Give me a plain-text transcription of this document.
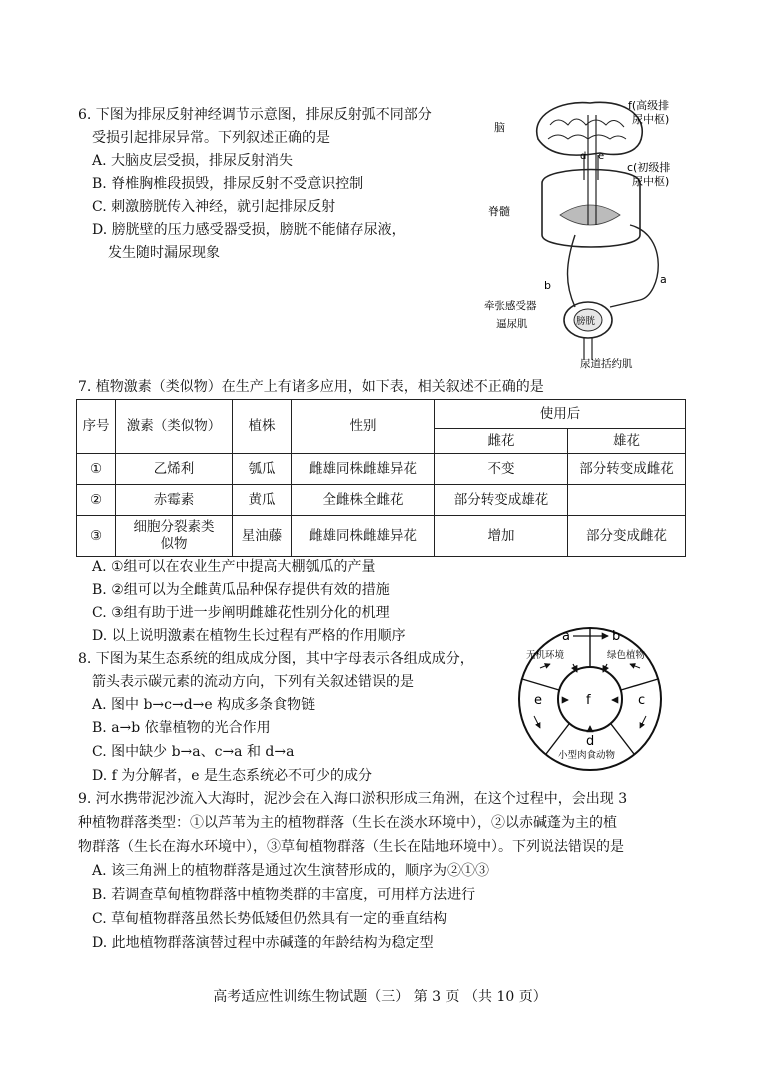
6. 下图为排尿反射神经调节示意图，排尿反射弧不同部分
受损引起排尿异常。下列叙述正确的是
A. 大脑皮层受损，排尿反射消失
B. 脊椎胸椎段损毁，排尿反射不受意识控制
C. 刺激膀胱传入神经，就引起排尿反射
D. 膀胱壁的压力感受器受损，膀胱不能储存尿液，
发生随时漏尿现象
脑
f(高级排
尿中枢)
c(初级排
尿中枢)
脊髓
d e
a
b
牵张感受器
逼尿肌	膀胱
尿道括约肌
7. 植物激素（类似物）在生产上有诸多应用，如下表，相关叙述不正确的是
序号	激素（类似物）	植株	性别	使用后	
				雌花	雄花
①	乙烯利	瓠瓜	雌雄同株雌雄异花	不变	部分转变成雌花
②	赤霉素	黄瓜	全雌株全雌花	部分转变成雄花	
③	细胞分裂素类
似物	星油藤	雌雄同株雌雄异花	增加	部分变成雌花
A. ①组可以在农业生产中提高大棚瓠瓜的产量
B. ②组可以为全雌黄瓜品种保存提供有效的措施
C. ③组有助于进一步阐明雌雄花性别分化的机理
D. 以上说明激素在植物生长过程有严格的作用顺序
8. 下图为某生态系统的组成成分图，其中字母表示各组成成分，
箭头表示碳元素的流动方向，下列有关叙述错误的是
A. 图中 b→c→d→e 构成多条食物链
B. a→b 依靠植物的光合作用
C. 图中缺少 b→a、c→a 和 d→a
D. f 为分解者，e 是生态系统必不可少的成分
a	b
无机环境	绿色植物
e	f	c
d
小型肉食动物
9. 河水携带泥沙流入大海时，泥沙会在入海口淤积形成三角洲，在这个过程中，会出现 3
种植物群落类型：①以芦苇为主的植物群落（生长在淡水环境中），②以赤碱蓬为主的植
物群落（生长在海水环境中），③草甸植物群落（生长在陆地环境中）。下列说法错误的是
A. 该三角洲上的植物群落是通过次生演替形成的，顺序为②①③
B. 若调查草甸植物群落中植物类群的丰富度，可用样方法进行
C. 草甸植物群落虽然长势低矮但仍然具有一定的垂直结构
D. 此地植物群落演替过程中赤碱蓬的年龄结构为稳定型
高考适应性训练生物试题（三） 第 3 页 （共 10 页）
